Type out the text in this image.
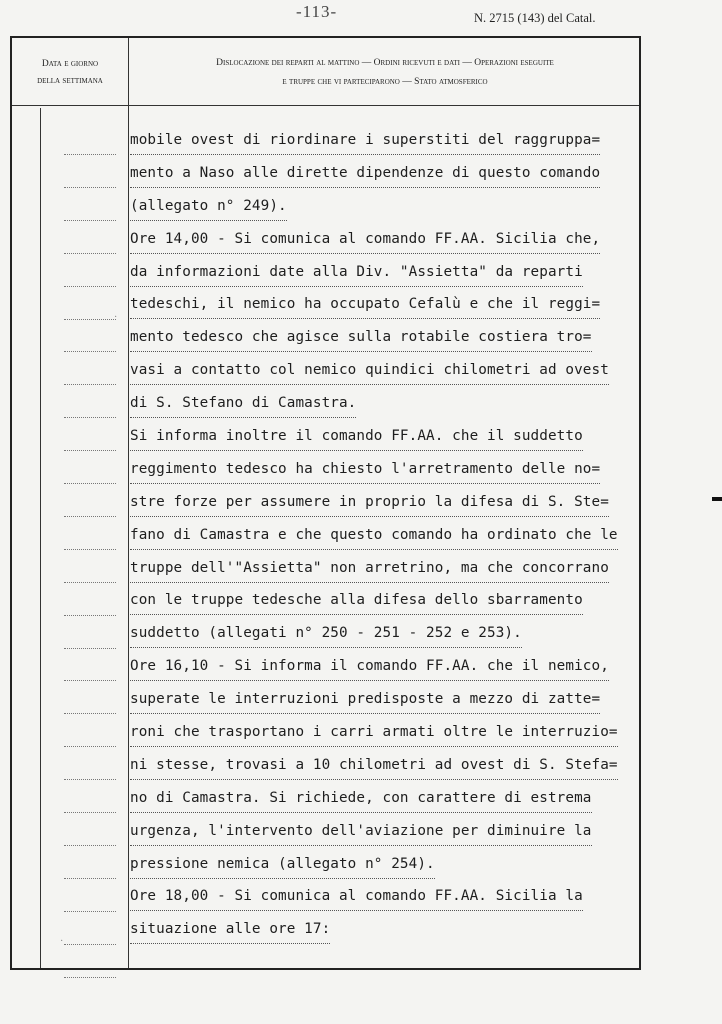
-113-	N. 2715 (143) del Catal.
Data e giorno
della settimana
Dislocazione dei reparti al mattino — Ordini ricevuti e dati — Operazioni eseguite
e truppe che vi parteciparono — Stato atmosferico
mobile ovest di riordinare i superstiti del raggruppa=
mento a Naso alle dirette dipendenze di questo comando
(allegato n° 249).
Ore 14,00 - Si comunica al comando FF.AA. Sicilia che,
da informazioni date alla Div. "Assietta" da reparti
tedeschi, il nemico ha occupato Cefalù e che il reggi=
mento tedesco che agisce sulla rotabile costiera tro=
vasi a contatto col nemico quindici chilometri ad ovest
di S. Stefano di Camastra.
Si informa inoltre il comando FF.AA. che il suddetto
reggimento tedesco ha chiesto l'arretramento delle no=
stre forze per assumere in proprio la difesa di S. Ste=
fano di Camastra e che questo comando ha ordinato che le
truppe dell'"Assietta" non arretrino, ma che concorrano
con le truppe tedesche alla difesa dello sbarramento
suddetto (allegati n° 250 - 251 - 252 e 253).
Ore 16,10 - Si informa il comando FF.AA. che il nemico,
superate le interruzioni predisposte a mezzo di zatte=
roni che trasportano i carri armati oltre le interruzio=
ni stesse, trovasi a 10 chilometri ad ovest di S. Stefa=
no di Camastra. Si richiede, con carattere di estrema
urgenza, l'intervento dell'aviazione per diminuire la
pressione nemica (allegato n° 254).
Ore 18,00 - Si comunica al comando FF.AA. Sicilia la
situazione alle ore 17:
·
·
